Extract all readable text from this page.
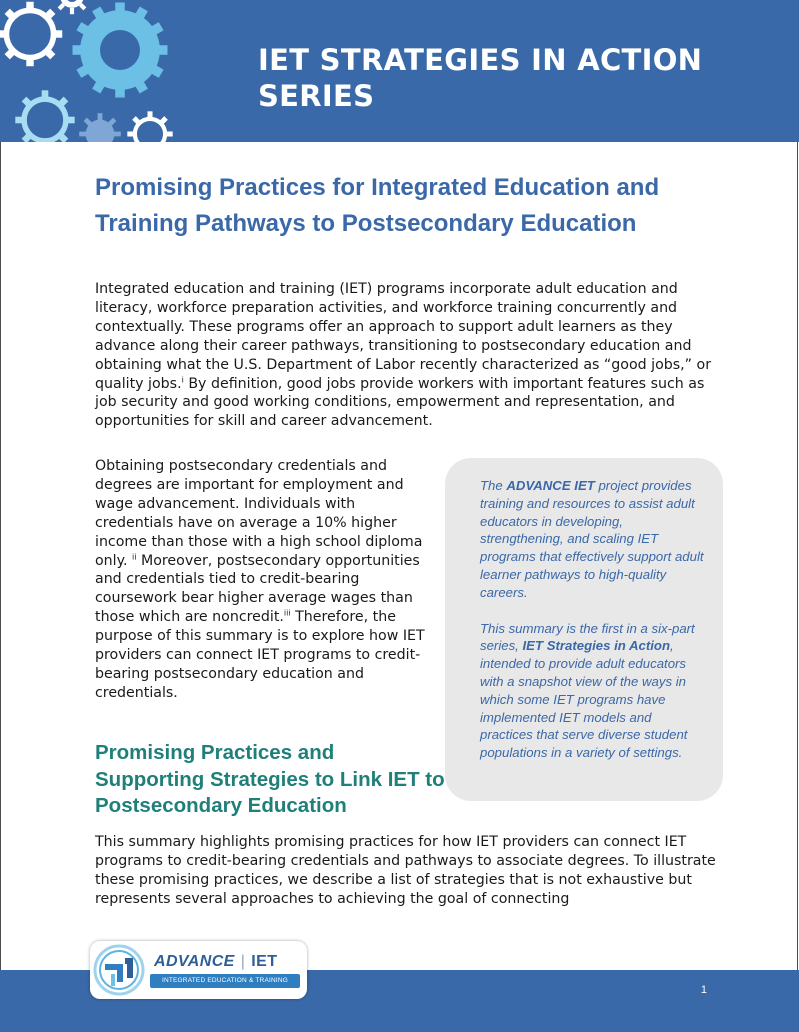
IET STRATEGIES IN ACTION SERIES
Promising Practices for Integrated Education and Training Pathways to Postsecondary Education
Integrated education and training (IET) programs incorporate adult education and literacy, workforce preparation activities, and workforce training concurrently and contextually. These programs offer an approach to support adult learners as they advance along their career pathways, transitioning to postsecondary education and obtaining what the U.S. Department of Labor recently characterized as “good jobs,” or quality jobs.$^i$ By definition, good jobs provide workers with important features such as job security and good working conditions, empowerment and representation, and opportunities for skill and career advancement.
Obtaining postsecondary credentials and degrees are important for employment and wage advancement. Individuals with credentials have on average a 10% higher income than those with a high school diploma only. $^{ii}$ Moreover, postsecondary opportunities and credentials tied to credit-bearing coursework bear higher average wages than those which are noncredit.$^{iii}$ Therefore, the purpose of this summary is to explore how IET providers can connect IET programs to credit-bearing postsecondary education and credentials.

The ADVANCE IET project provides training and resources to assist adult educators in developing, strengthening, and scaling IET programs that effectively support adult learner pathways to high-quality careers.

This summary is the first in a six-part series, IET Strategies in Action, intended to provide adult educators with a snapshot view of the ways in which some IET programs have implemented IET models and practices that serve diverse student populations in a variety of settings.

Promising Practices and Supporting Strategies to Link IET to Postsecondary Education
This summary highlights promising practices for how IET providers can connect IET programs to credit-bearing credentials and pathways to associate degrees. To illustrate these promising practices, we describe a list of strategies that is not exhaustive but represents several approaches to achieving the goal of connecting
1
ADVANCE | IET
INTEGRATED EDUCATION & TRAINING
